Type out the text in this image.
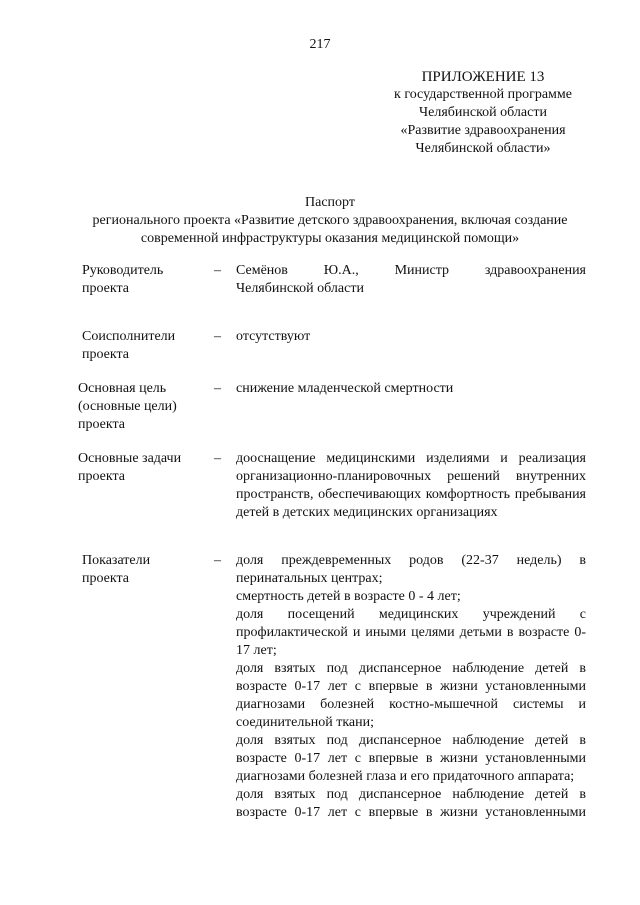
217
ПРИЛОЖЕНИЕ 13
к государственной программе
Челябинской области
«Развитие здравоохранения
Челябинской области»
Паспорт
регионального проекта «Развитие детского здравоохранения, включая создание
современной инфраструктуры оказания медицинской помощи»
Руководитель проекта
– Семёнов	Ю.А.,	Министр	здравоохранения
Челябинской области
Соисполнители проекта
– отсутствуют
Основная цель (основные цели) проекта
– снижение младенческой смертности
Основные задачи проекта
– дооснащение медицинскими изделиями и реализация организационно-планировочных решений внутренних пространств, обеспечивающих комфортность пребывания детей в детских медицинских организациях

Показатели проекта
– доля преждевременных родов (22-37 недель) в перинатальных центрах;

смертность детей в возрасте 0 - 4 лет;

доля посещений медицинских учреждений с профилактической и иными целями детьми в возрасте 0-17 лет;

доля взятых под диспансерное наблюдение детей в возрасте 0-17 лет с впервые в жизни установленными диагнозами болезней костно-мышечной системы и соединительной ткани;

доля взятых под диспансерное наблюдение детей в возрасте 0-17 лет с впервые в жизни установленными диагнозами болезней глаза и его придаточного аппарата;

доля взятых под диспансерное наблюдение детей в возрасте 0-17 лет с впервые в жизни установленными
